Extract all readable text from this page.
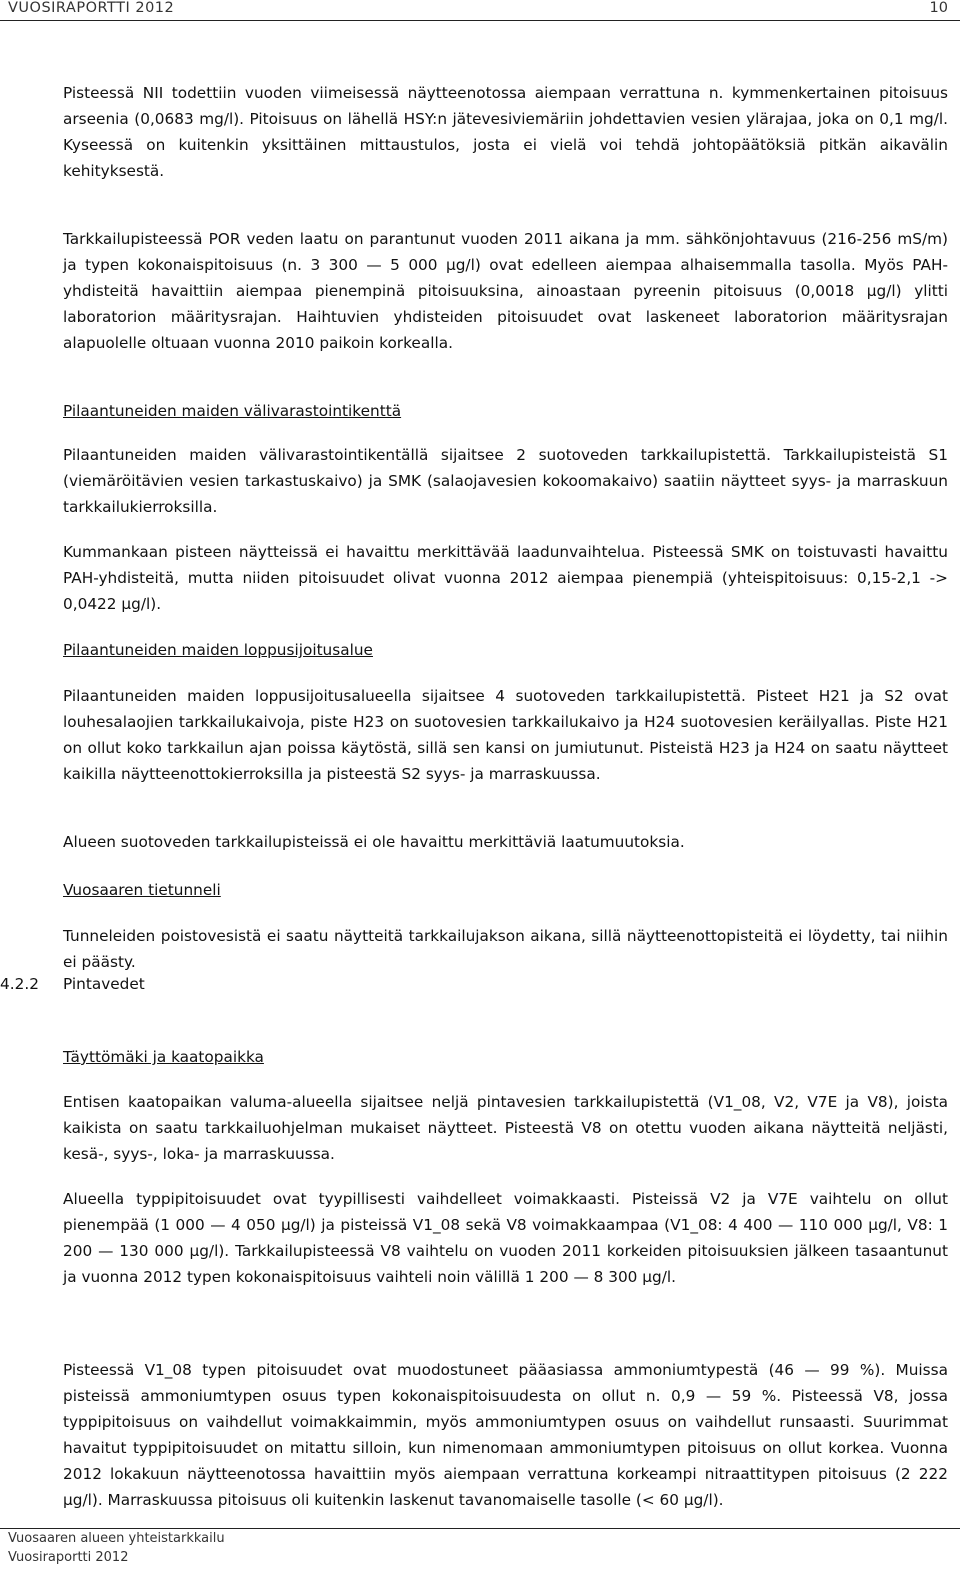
VUOSIRAPORTTI 2012	10

Pisteessä NII todettiin vuoden viimeisessä näytteenotossa aiempaan verrattuna n. kymmenkertainen pitoisuus arseenia (0,0683 mg/l). Pitoisuus on lähellä HSY:n jätevesiviemäriin johdettavien vesien ylärajaa, joka on 0,1 mg/l. Kyseessä on kuitenkin yksittäinen mittaustulos, josta ei vielä voi tehdä johtopäätöksiä pitkän aikavälin kehityksestä.

Tarkkailupisteessä POR veden laatu on parantunut vuoden 2011 aikana ja mm. sähkönjohtavuus (216-256 mS/m) ja typen kokonaispitoisuus (n. 3 300 — 5 000 µg/l) ovat edelleen aiempaa alhaisemmalla tasolla. Myös PAH-yhdisteitä havaittiin aiempaa pienempinä pitoisuuksina, ainoastaan pyreenin pitoisuus (0,0018 µg/l) ylitti laboratorion määritysrajan. Haihtuvien yhdisteiden pitoisuudet ovat laskeneet laboratorion määritysrajan alapuolelle oltuaan vuonna 2010 paikoin korkealla.

Pilaantuneiden maiden välivarastointikenttä

Pilaantuneiden maiden välivarastointikentällä sijaitsee 2 suotoveden tarkkailupistettä. Tarkkailupisteistä S1 (viemäröitävien vesien tarkastuskaivo) ja SMK (salaojavesien kokoomakaivo) saatiin näytteet syys- ja marraskuun tarkkailukierroksilla.

Kummankaan pisteen näytteissä ei havaittu merkittävää laadunvaihtelua. Pisteessä SMK on toistuvasti havaittu PAH-yhdisteitä, mutta niiden pitoisuudet olivat vuonna 2012 aiempaa pienempiä (yhteispitoisuus: 0,15-2,1 -> 0,0422 µg/l).

Pilaantuneiden maiden loppusijoitusalue

Pilaantuneiden maiden loppusijoitusalueella sijaitsee 4 suotoveden tarkkailupistettä. Pisteet H21 ja S2 ovat louhesalaojien tarkkailukaivoja, piste H23 on suotovesien tarkkailukaivo ja H24 suotovesien keräilyallas. Piste H21 on ollut koko tarkkailun ajan poissa käytöstä, sillä sen kansi on jumiutunut. Pisteistä H23 ja H24 on saatu näytteet kaikilla näytteenottokierroksilla ja pisteestä S2 syys- ja marraskuussa.

Alueen suotoveden tarkkailupisteissä ei ole havaittu merkittäviä laatumuutoksia.

Vuosaaren tietunneli

Tunneleiden poistovesistä ei saatu näytteitä tarkkailujakson aikana, sillä näytteenottopisteitä ei löydetty, tai niihin ei päästy.

Täyttömäki ja kaatopaikka

Entisen kaatopaikan valuma-alueella sijaitsee neljä pintavesien tarkkailupistettä (V1_08, V2, V7E ja V8), joista kaikista on saatu tarkkailuohjelman mukaiset näytteet. Pisteestä V8 on otettu vuoden aikana näytteitä neljästi, kesä-, syys-, loka- ja marraskuussa.

Alueella typpipitoisuudet ovat tyypillisesti vaihdelleet voimakkaasti. Pisteissä V2 ja V7E vaihtelu on ollut pienempää (1 000 — 4 050 µg/l) ja pisteissä V1_08 sekä V8 voimakkaampaa (V1_08: 4 400 — 110 000 µg/l, V8: 1 200 — 130 000 µg/l). Tarkkailupisteessä V8 vaihtelu on vuoden 2011 korkeiden pitoisuuksien jälkeen tasaantunut ja vuonna 2012 typen kokonaispitoisuus vaihteli noin välillä 1 200 — 8 300 µg/l.

Pisteessä V1_08 typen pitoisuudet ovat muodostuneet pääasiassa ammoniumtypestä (46 — 99 %). Muissa pisteissä ammoniumtypen osuus typen kokonaispitoisuudesta on ollut n. 0,9 — 59 %. Pisteessä V8, jossa typpipitoisuus on vaihdellut voimakkaimmin, myös ammoniumtypen osuus on vaihdellut runsaasti. Suurimmat havaitut typpipitoisuudet on mitattu silloin, kun nimenomaan ammoniumtypen pitoisuus on ollut korkea. Vuonna 2012 lokakuun näytteenotossa havaittiin myös aiempaan verrattuna korkeampi nitraattitypen pitoisuus (2 222 µg/l). Marraskuussa pitoisuus oli kuitenkin laskenut tavanomaiselle tasolle (< 60 µg/l).

4.2.2 Pintavedet
Vuosaaren alueen yhteistarkkailu
Vuosiraportti 2012
